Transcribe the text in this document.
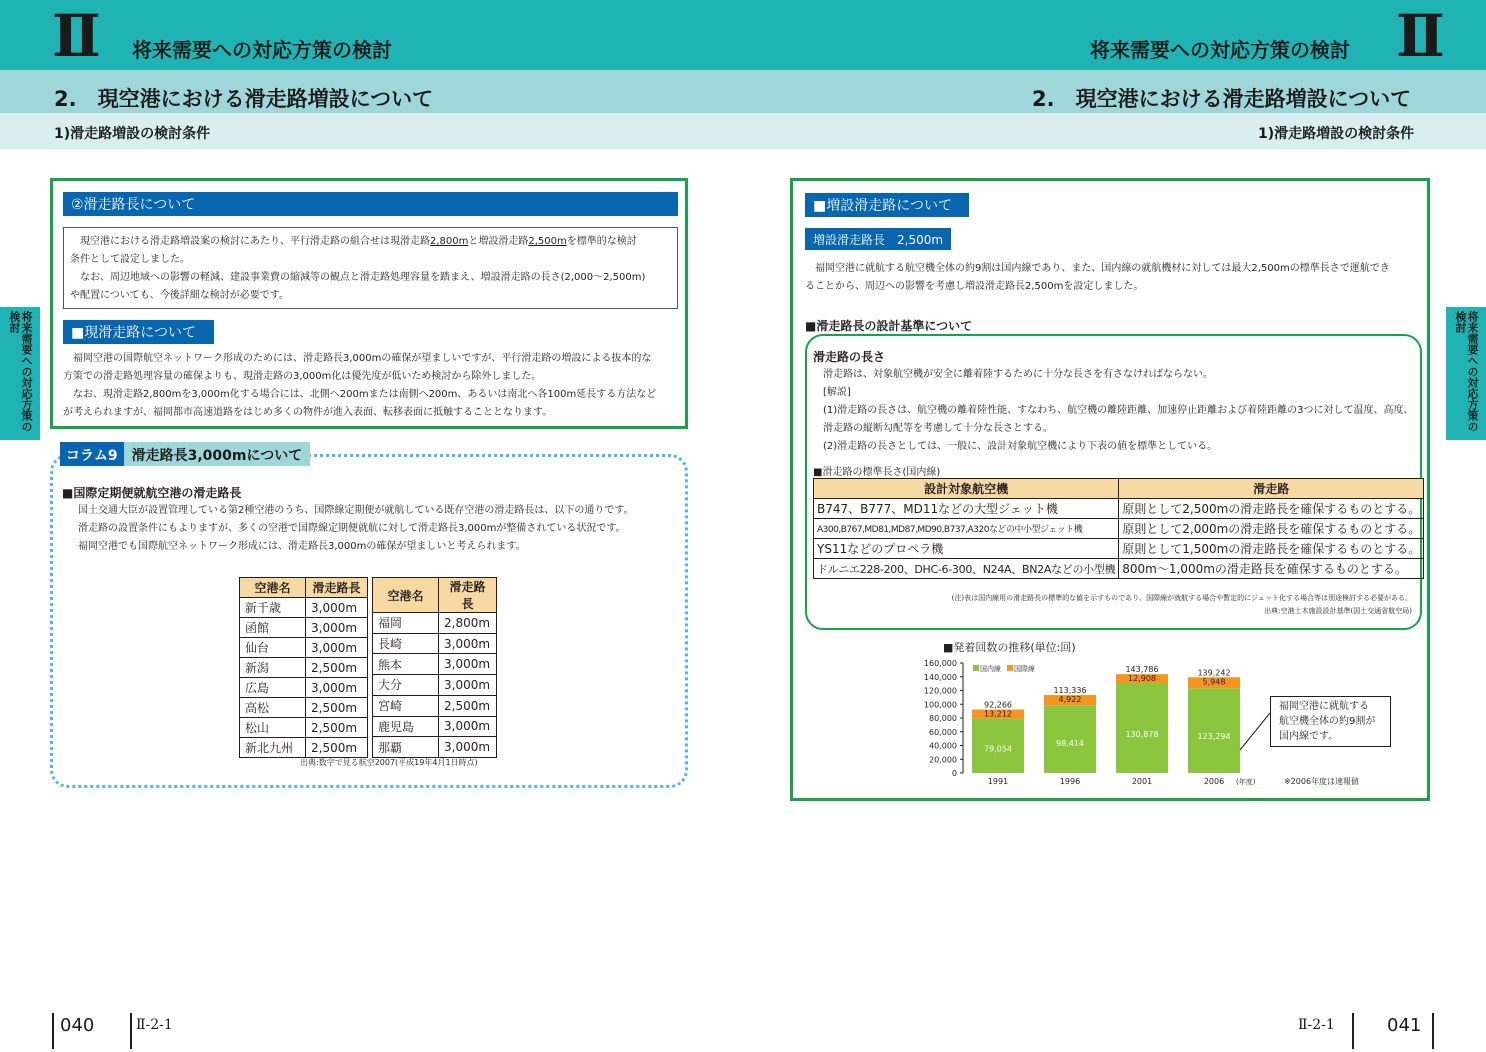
Ⅱ 将来需要への対応方策の検討	Ⅱ
将来需要への対応方策の検討
2.　現空港における滑走路増設について	2.　現空港における滑走路増設について
1)滑走路増設の検討条件	1)滑走路増設の検討条件
将来需要への対応方策の検討	将来需要への対応方策の検討
②滑走路長について
現空港における滑走路増設案の検討にあたり、平行滑走路の組合せは現滑走路2,800mと増設滑走路2,500mを標準的な検討
条件として設定しました。
なお、周辺地域への影響の軽減、建設事業費の縮減等の観点と滑走路処理容量を踏まえ、増設滑走路の長さ(2,000～2,500m)
や配置についても、今後詳細な検討が必要です。
■現滑走路について
福岡空港の国際航空ネットワーク形成のためには、滑走路長3,000mの確保が望ましいですが、平行滑走路の増設による抜本的な
方策での滑走路処理容量の確保よりも、現滑走路の3,000m化は優先度が低いため検討から除外しました。
なお、現滑走路2,800mを3,000m化する場合には、北側へ200mまたは南側へ200m、あるいは南北へ各100m延長する方法など
が考えられますが、福岡都市高速道路をはじめ多くの物件が進入表面、転移表面に抵触することとなります。
コラム9	滑走路長3,000mについて
■国際定期便就航空港の滑走路長
国土交通大臣が設置管理している第2種空港のうち、国際線定期便が就航している既存空港の滑走路長は、以下の通りです。
滑走路の設置条件にもよりますが、多くの空港で国際線定期便就航に対して滑走路長3,000mが整備されている状況です。
福岡空港でも国際航空ネットワーク形成には、滑走路長3,000mの確保が望ましいと考えられます。
空港名	滑走路長
新千歳	3,000m
函館	3,000m
仙台	3,000m
新潟	2,500m
広島	3,000m
高松	2,500m
松山	2,500m
新北九州	2,500m
空港名	滑走路長
福岡	2,800m
長崎	3,000m
熊本	3,000m
大分	3,000m
宮崎	2,500m
鹿児島	3,000m
那覇	3,000m
出典:数字で見る航空2007(平成19年4月1日時点)
■増設滑走路について
増設滑走路長　2,500m
福岡空港に就航する航空機全体の約9割は国内線であり、また、国内線の就航機材に対しては最大2,500mの標準長さで運航でき
ることから、周辺への影響を考慮し増設滑走路長2,500mを設定しました。
■滑走路長の設計基準について
滑走路の長さ
滑走路は、対象航空機が安全に離着陸するために十分な長さを有さなければならない。
[解説]
(1)滑走路の長さは、航空機の離着陸性能、すなわち、航空機の離陸距離、加速停止距離および着陸距離の3つに対して温度、高度、
滑走路の縦断勾配等を考慮して十分な長さとする。
(2)滑走路の長さとしては、一般に、設計対象航空機により下表の値を標準としている。
■滑走路の標準長さ(国内線)
設計対象航空機	滑走路
B747、B777、MD11などの大型ジェット機	原則として2,500mの滑走路長を確保するものとする。
A300,B767,MD81,MD87,MD90,B737,A320などの中小型ジェット機	原則として2,000mの滑走路長を確保するものとする。
YS11などのプロペラ機	原則として1,500mの滑走路長を確保するものとする。
ドルニエ228-200、DHC-6-300、N24A、BN2Aなどの小型機	800m～1,000mの滑走路長を確保するものとする。
(注)表は国内線用の滑走路長の標準的な値を示すものであり、国際線が就航する場合や暫定的にジェット化する場合等は別途検討する必要がある。
出典:空港土木施設設計基準(国土交通省航空局)
■発着回数の推移(単位:回)
0
20,000
40,000
60,000
80,000
100,000
120,000
140,000
160,000
1991	1996	2001	2006 (年度)
79,054
13,212
92,266
98,414
4,922
113,336
130,878
12,908
143,786
123,294
5,948
139,242
国内線 国際線
福岡空港に就航する
航空機全体の約9割が
国内線です。
※2006年度は速報値
040	Ⅱ-2-1	Ⅱ-2-1	041
